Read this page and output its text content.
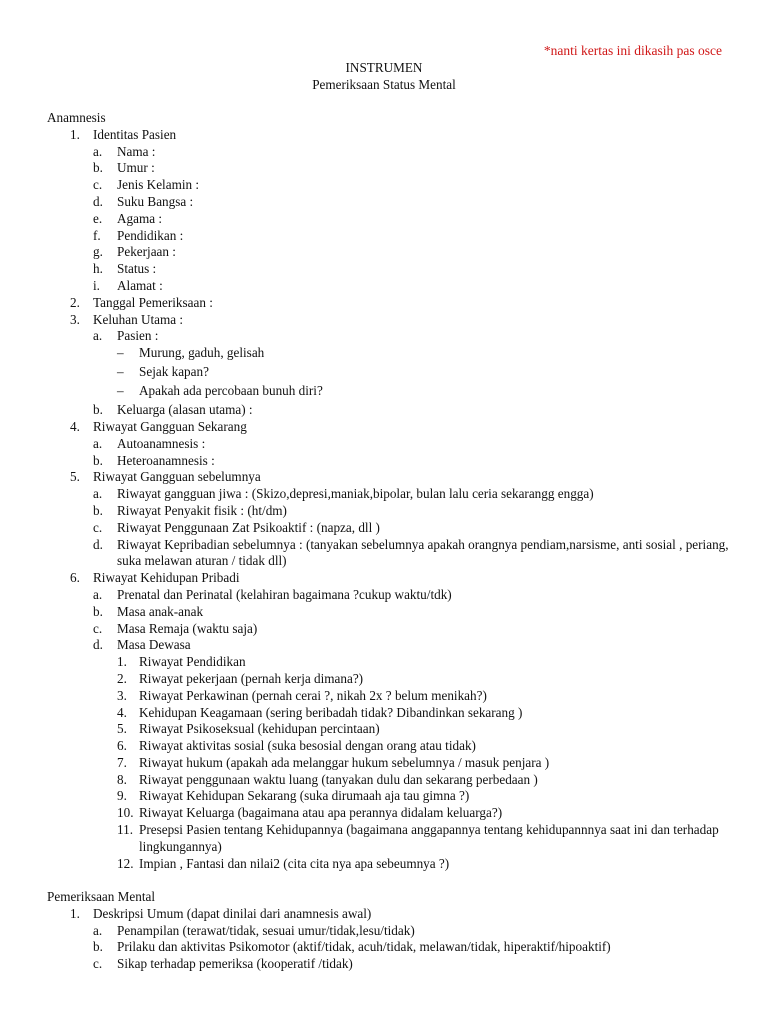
*nanti kertas ini dikasih pas osce
INSTRUMEN
Pemeriksaan Status Mental
Anamnesis
1. Identitas Pasien
a. Nama :
b. Umur :
c. Jenis Kelamin :
d. Suku Bangsa :
e. Agama :
f. Pendidikan :
g. Pekerjaan :
h. Status :
i. Alamat :
2. Tanggal Pemeriksaan :
3. Keluhan Utama :
a. Pasien :
– Murung, gaduh, gelisah
– Sejak kapan?
– Apakah ada percobaan bunuh diri?
b. Keluarga (alasan utama) :
4. Riwayat Gangguan Sekarang
a. Autoanamnesis :
b. Heteroanamnesis :
5. Riwayat Gangguan sebelumnya
a. Riwayat gangguan jiwa : (Skizo,depresi,maniak,bipolar, bulan lalu ceria sekarangg engga)
b. Riwayat Penyakit fisik : (ht/dm)
c. Riwayat Penggunaan Zat Psikoaktif : (napza, dll )
d. Riwayat Kepribadian sebelumnya : (tanyakan sebelumnya apakah orangnya pendiam,narsisme, anti sosial , periang, suka melawan aturan / tidak dll)
6. Riwayat Kehidupan Pribadi
a. Prenatal dan Perinatal (kelahiran bagaimana ?cukup waktu/tdk)
b. Masa anak-anak
c. Masa Remaja (waktu saja)
d. Masa Dewasa
1. Riwayat Pendidikan
2. Riwayat pekerjaan (pernah kerja dimana?)
3. Riwayat Perkawinan (pernah cerai ?, nikah 2x ? belum menikah?)
4. Kehidupan Keagamaan (sering beribadah tidak? Dibandinkan sekarang )
5. Riwayat Psikoseksual (kehidupan percintaan)
6. Riwayat aktivitas sosial (suka besosial dengan orang atau tidak)
7. Riwayat hukum (apakah ada melanggar hukum sebelumnya / masuk penjara )
8. Riwayat penggunaan waktu luang (tanyakan dulu dan sekarang perbedaan )
9. Riwayat Kehidupan Sekarang (suka dirumaah aja tau gimna ?)
10. Riwayat Keluarga (bagaimana atau apa perannya didalam keluarga?)
11. Presepsi Pasien tentang Kehidupannya (bagaimana anggapannya tentang kehidupannnya saat ini dan terhadap lingkungannya)
12. Impian , Fantasi dan nilai2 (cita cita nya apa sebeumnya ?)
Pemeriksaan Mental
1. Deskripsi Umum (dapat dinilai dari anamnesis awal)
a. Penampilan (terawat/tidak, sesuai umur/tidak,lesu/tidak)
b. Prilaku dan aktivitas Psikomotor (aktif/tidak, acuh/tidak, melawan/tidak, hiperaktif/hipoaktif)
c. Sikap terhadap pemeriksa (kooperatif /tidak)
